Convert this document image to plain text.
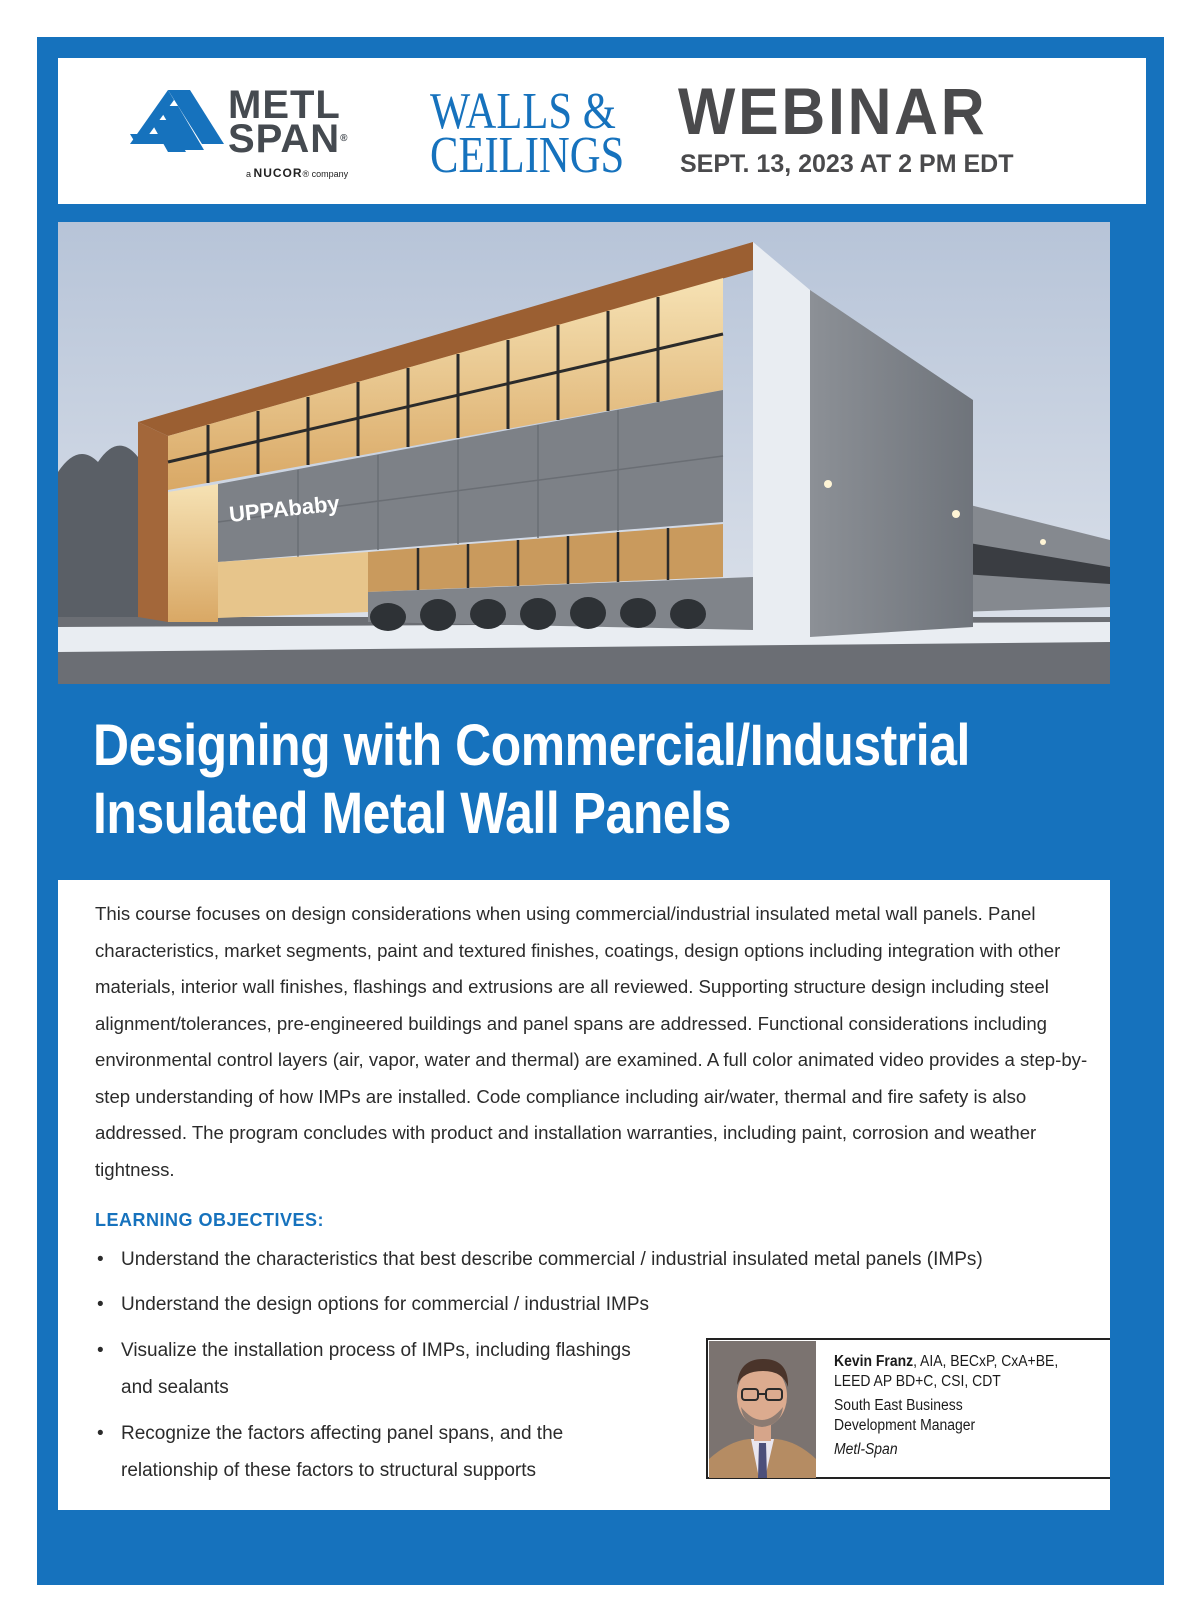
METL
SPAN®
a NUCOR® company
WALLS &
CEILINGS
WEBINAR
SEPT. 13, 2023 AT 2 PM EDT
UPPAbaby
Designing with Commercial/Industrial
Insulated Metal Wall Panels

This course focuses on design considerations when using commercial/industrial insulated metal wall panels. Panel characteristics, market segments, paint and textured finishes, coatings, design options including integration with other materials, interior wall finishes, flashings and extrusions are all reviewed. Supporting structure design including steel alignment/tolerances, pre-engineered buildings and panel spans are addressed. Functional considerations including environmental control layers (air, vapor, water and thermal) are examined. A full color animated video provides a step-by-step understanding of how IMPs are installed. Code compliance including air/water, thermal and fire safety is also addressed. The program concludes with product and installation warranties, including paint, corrosion and weather tightness.

LEARNING OBJECTIVES:
• Understand the characteristics that best describe commercial / industrial insulated metal panels (IMPs)
• Understand the design options for commercial / industrial IMPs
• Visualize the installation process of IMPs, including flashings and sealants
• Recognize the factors affecting panel spans, and the relationship of these factors to structural supports
Kevin Franz, AIA, BECxP, CxA+BE,
LEED AP BD+C, CSI, CDT
South East Business
Development Manager
Metl-Span
